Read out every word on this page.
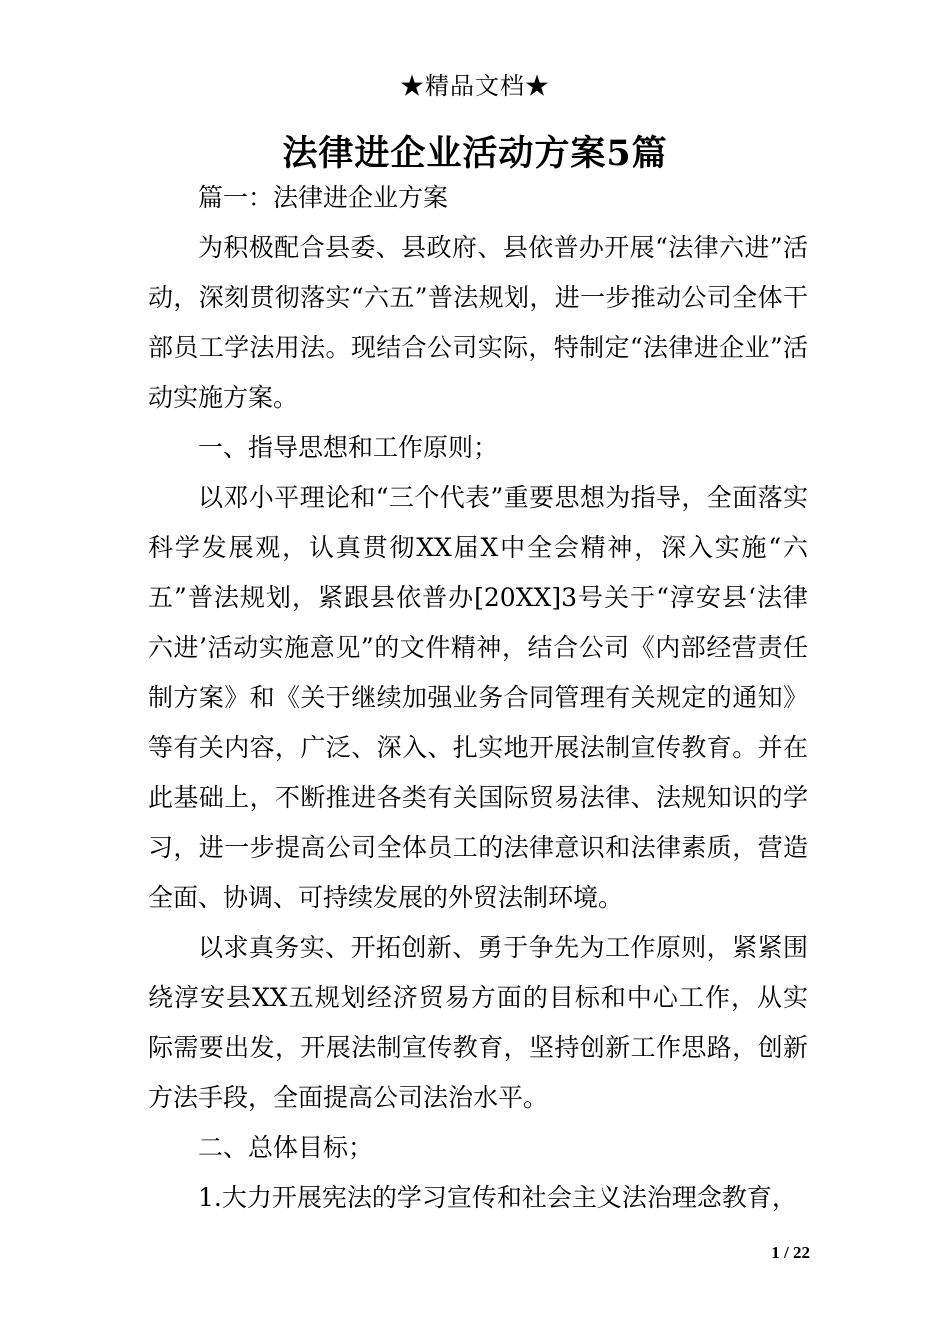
★精品文档★
法律进企业活动方案5篇

篇一：法律进企业方案

为积极配合县委、县政府、县依普办开展“法律六进”活动，深刻贯彻落实“六五”普法规划，进一步推动公司全体干部员工学法用法。现结合公司实际，特制定“法律进企业”活动实施方案。

一、指导思想和工作原则；

以邓小平理论和“三个代表”重要思想为指导，全面落实科学发展观，认真贯彻XX届X中全会精神，深入实施“六五”普法规划，紧跟县依普办[20XX]3号关于“淳安县‘法律六进’活动实施意见”的文件精神，结合公司《内部经营责任制方案》和《关于继续加强业务合同管理有关规定的通知》等有关内容，广泛、深入、扎实地开展法制宣传教育。并在此基础上，不断推进各类有关国际贸易法律、法规知识的学习，进一步提高公司全体员工的法律意识和法律素质，营造全面、协调、可持续发展的外贸法制环境。

以求真务实、开拓创新、勇于争先为工作原则，紧紧围绕淳安县XX五规划经济贸易方面的目标和中心工作，从实际需要出发，开展法制宣传教育，坚持创新工作思路，创新方法手段，全面提高公司法治水平。

二、总体目标；

1.大力开展宪法的学习宣传和社会主义法治理念教育，

1 / 22
